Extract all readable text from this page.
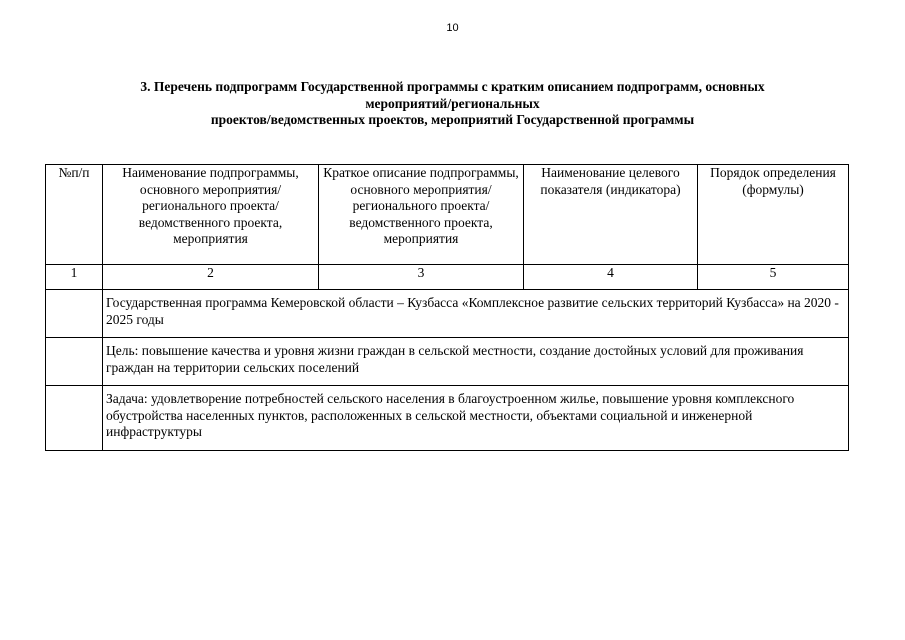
10
3. Перечень подпрограмм Государственной программы с кратким описанием подпрограмм, основных
мероприятий/региональных
проектов/ведомственных проектов, мероприятий Государственной программы
№п/п	Наименование подпрограммы, основного мероприятия/регионального проекта/ведомственного проекта, мероприятия	Краткое описание подпрограммы, основного мероприятия/регионального проекта/ведомственного проекта, мероприятия	Наименование целевого показателя (индикатора)	Порядок определения (формулы)
1	2	3	4	5
	Государственная программа Кемеровской области – Кузбасса «Комплексное развитие сельских территорий Кузбасса» на 2020 - 2025 годы			
	Цель: повышение качества и уровня жизни граждан в сельской местности, создание достойных условий для проживания граждан на территории сельских поселений			
	Задача: удовлетворение потребностей сельского населения в благоустроенном жилье, повышение уровня комплексного обустройства населенных пунктов, расположенных в сельской местности, объектами социальной и инженерной инфраструктуры			
